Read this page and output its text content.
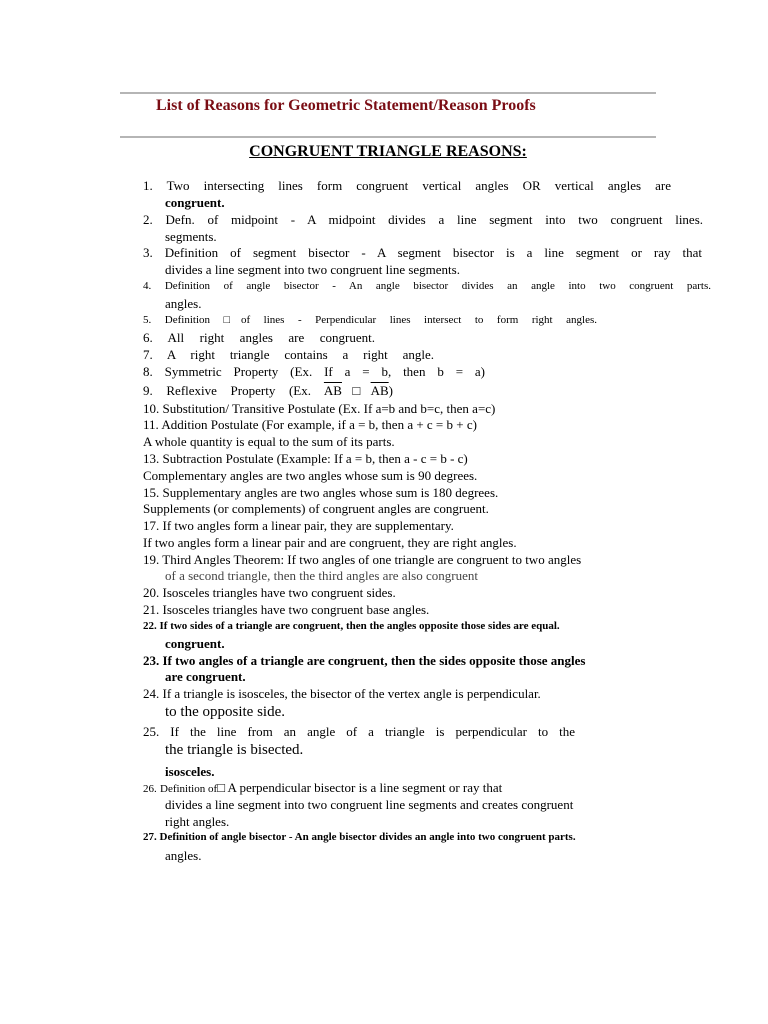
List of Reasons for Geometric Statement/Reason Proofs
CONGRUENT TRIANGLE REASONS:
1. Two intersecting lines form congruent vertical angles OR vertical angles are
congruent.
2. Defn. of midpoint - A midpoint divides a line segment into two congruent lines.
segments.
3. Definition of segment bisector - A segment bisector is a line segment or ray that
divides a line segment into two congruent line segments.
4. Definition of angle bisector - An angle bisector divides an angle into two congruent parts.
angles.
5. Definition □of lines - Perpendicular lines intersect to form right angles.
6. All right angles are congruent.
7. A right triangle contains a right angle.
8. Symmetric Property (Ex. If a = b, then b = a)
9. Reflexive Property (Ex. $\overline{AB}□\overline{AB}$)
10. Substitution/ Transitive Postulate (Ex. If a=b and b=c, then a=c)
11. Addition Postulate (For example, if a = b, then a + c = b + c)
A whole quantity is equal to the sum of its parts.
13. Subtraction Postulate (Example: If a = b, then a - c = b - c)
Complementary angles are two angles whose sum is 90 degrees.
15. Supplementary angles are two angles whose sum is 180 degrees.
Supplements (or complements) of congruent angles are congruent.
17. If two angles form a linear pair, they are supplementary.
If two angles form a linear pair and are congruent, they are right angles.
19. Third Angles Theorem: If two angles of one triangle are congruent to two angles
of a second triangle, then the third angles are also congruent
20. Isosceles triangles have two congruent sides.
21. Isosceles triangles have two congruent base angles.
22. If two sides of a triangle are congruent, then the angles opposite those sides are equal.
congruent.
23. If two angles of a triangle are congruent, then the sides opposite those angles
are congruent.
24. If a triangle is isosceles, the bisector of the vertex angle is perpendicular.
to the opposite side.
25. If the line from an angle of a triangle is perpendicular to the
the triangle is bisected.
isosceles.
26. Definition of□ A perpendicular bisector is a line segment or ray that
divides a line segment into two congruent line segments and creates congruent
right angles.
27. Definition of angle bisector - An angle bisector divides an angle into two congruent parts.
angles.
